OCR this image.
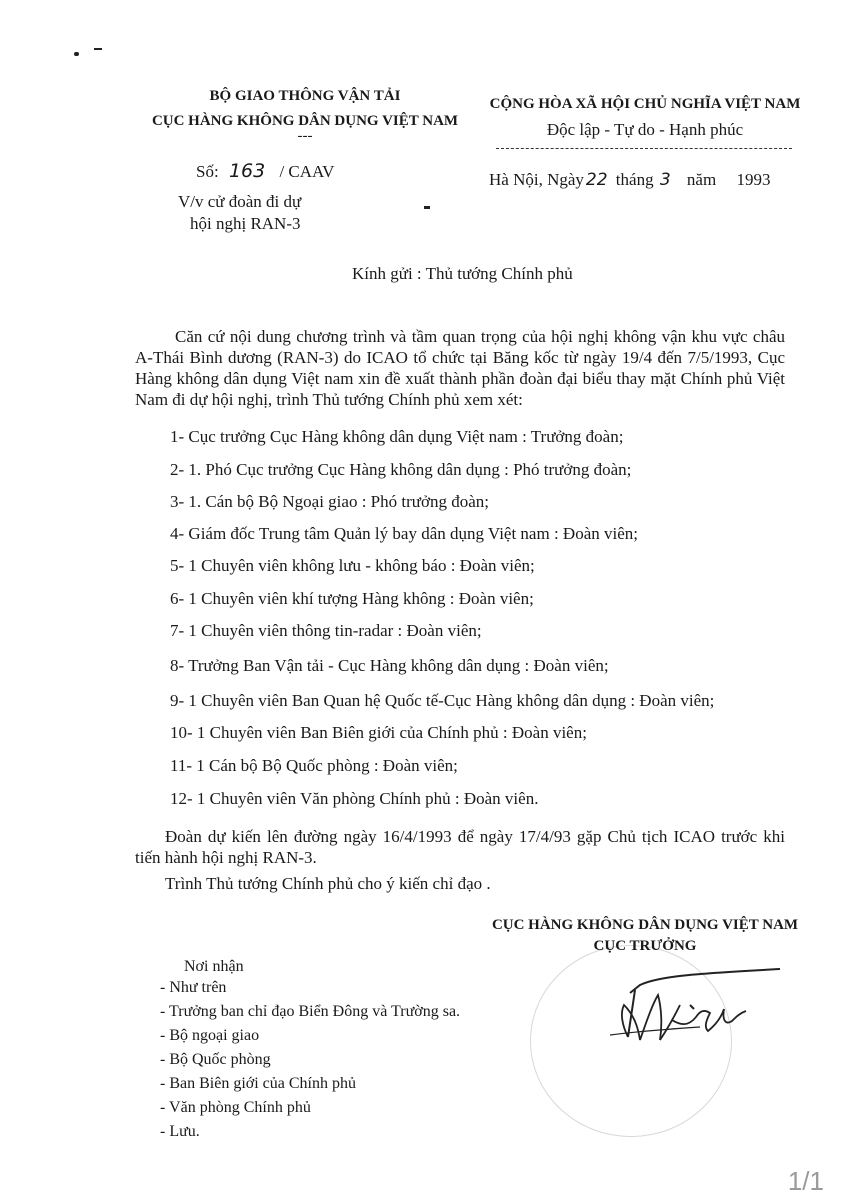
BỘ GIAO THÔNG VẬN TẢI
CỤC HÀNG KHÔNG DÂN DỤNG VIỆT NAM
---
Số: 163 / CAAV
V/v cử đoàn đi dự
hội nghị RAN-3
CỘNG HÒA XÃ HỘI CHỦ NGHĨA VIỆT NAM
Độc lập - Tự do - Hạnh phúc
Hà Nội, Ngày 22 tháng 3 năm 1993
Kính gửi : Thủ tướng Chính phủ
Căn cứ nội dung chương trình và tầm quan trọng của hội nghị không vận khu vực châu A-Thái Bình dương (RAN-3) do ICAO tổ chức tại Băng kốc từ ngày 19/4 đến 7/5/1993, Cục Hàng không dân dụng Việt nam xin đề xuất thành phần đoàn đại biểu thay mặt Chính phủ Việt Nam đi dự hội nghị, trình Thủ tướng Chính phủ xem xét:
1- Cục trưởng Cục Hàng không dân dụng Việt nam : Trưởng đoàn;
2- 1. Phó Cục trưởng Cục Hàng không dân dụng : Phó trưởng đoàn;
3- 1. Cán bộ Bộ Ngoại giao : Phó trưởng đoàn;
4- Giám đốc Trung tâm Quản lý bay dân dụng Việt nam : Đoàn viên;
5- 1 Chuyên viên không lưu - không báo : Đoàn viên;
6- 1 Chuyên viên khí tượng Hàng không : Đoàn viên;
7- 1 Chuyên viên thông tin-radar : Đoàn viên;
8- Trưởng Ban Vận tải - Cục Hàng không dân dụng : Đoàn viên;
9- 1 Chuyên viên Ban Quan hệ Quốc tế-Cục Hàng không dân dụng : Đoàn viên;
10- 1 Chuyên viên Ban Biên giới của Chính phủ : Đoàn viên;
11- 1 Cán bộ Bộ Quốc phòng : Đoàn viên;
12- 1 Chuyên viên Văn phòng Chính phủ : Đoàn viên.
Đoàn dự kiến lên đường ngày 16/4/1993 để ngày 17/4/93 gặp Chủ tịch ICAO trước khi tiến hành hội nghị RAN-3.
Trình Thủ tướng Chính phủ cho ý kiến chỉ đạo .
CỤC HÀNG KHÔNG DÂN DỤNG VIỆT NAM
CỤC TRƯỞNG
Nơi nhận
- Như trên
- Trưởng ban chỉ đạo Biển Đông và Trường sa.
- Bộ ngoại giao
- Bộ Quốc phòng
- Ban Biên giới của Chính phủ
- Văn phòng Chính phủ
- Lưu.
1/1
